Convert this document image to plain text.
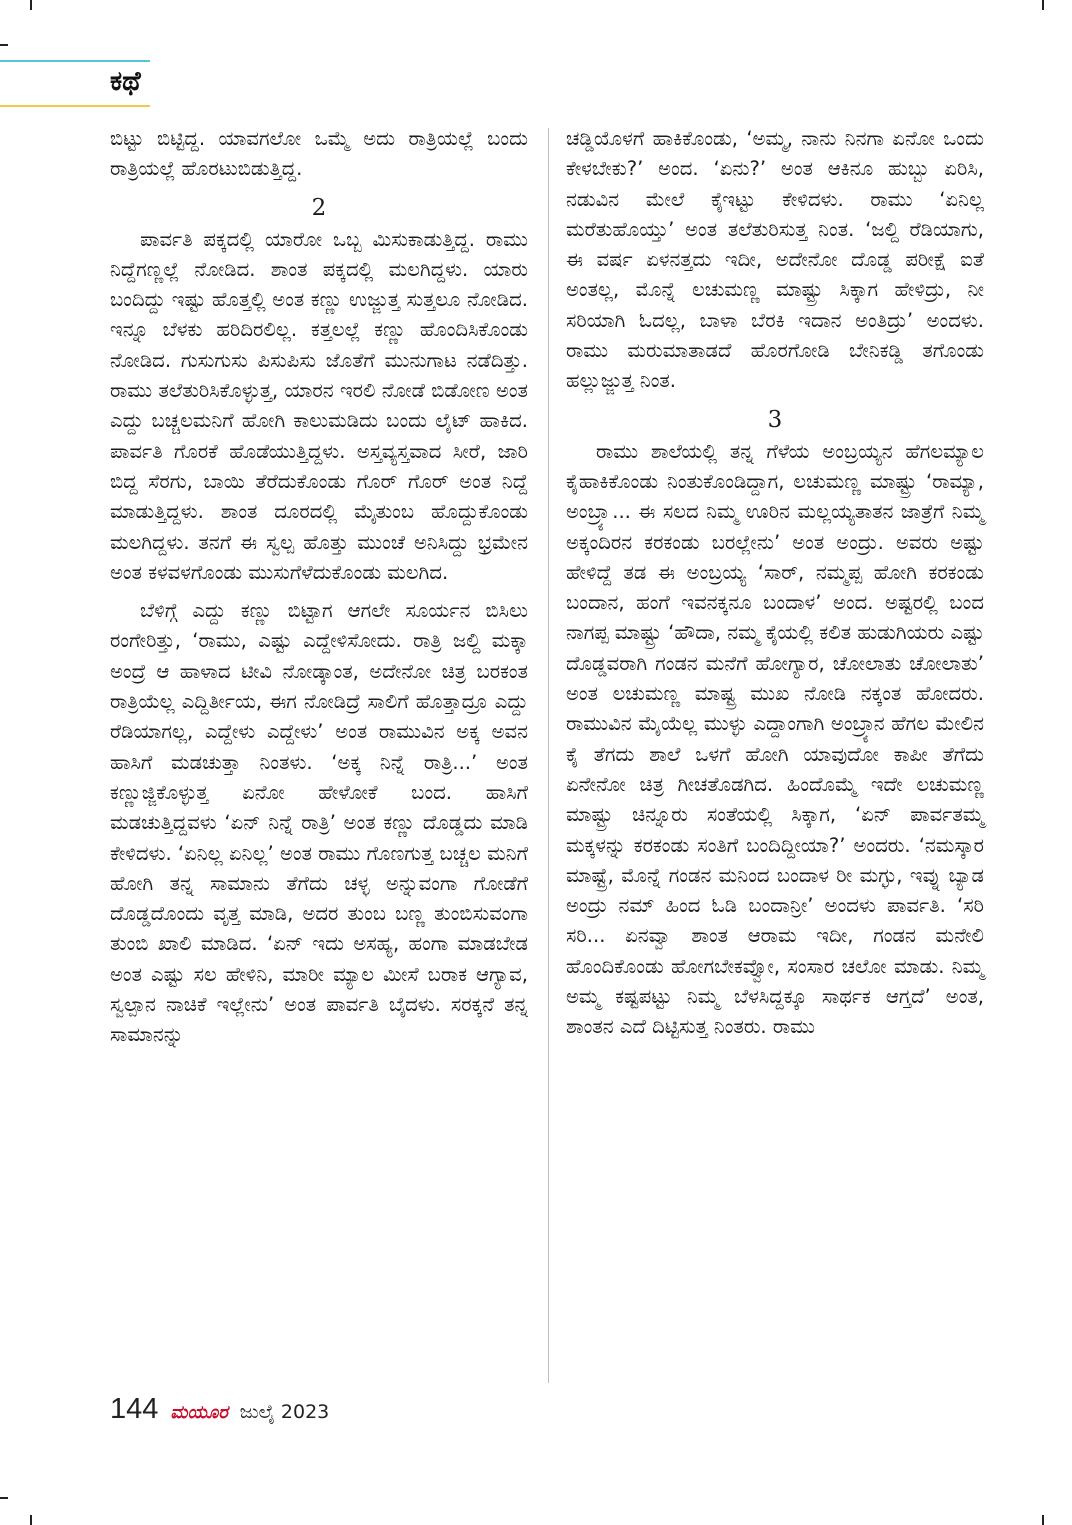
ಕಥೆ

ಬಿಟ್ಟು ಬಿಟ್ಟಿದ್ದ. ಯಾವಗಲೋ ಒಮ್ಮೆ ಅದು ರಾತ್ರಿಯಲ್ಲೆ ಬಂದು ರಾತ್ರಿಯಲ್ಲೆ ಹೊರಟುಬಿಡುತ್ತಿದ್ದ.

2

ಪಾರ್ವತಿ ಪಕ್ಕದಲ್ಲಿ ಯಾರೋ ಒಬ್ಬ ಮಿಸುಕಾಡುತ್ತಿದ್ದ. ರಾಮು ನಿದ್ದೆಗಣ್ಣಲ್ಲೆ ನೋಡಿದ. ಶಾಂತ ಪಕ್ಕದಲ್ಲಿ ಮಲಗಿದ್ದಳು. ಯಾರು ಬಂದಿದ್ದು ಇಷ್ಟು ಹೊತ್ತಲ್ಲಿ ಅಂತ ಕಣ್ಣು ಉಜ್ಜುತ್ತ ಸುತ್ತಲೂ ನೋಡಿದ. ಇನ್ನೂ ಬೆಳಕು ಹರಿದಿರಲಿಲ್ಲ. ಕತ್ತಲಲ್ಲೆ ಕಣ್ಣು ಹೊಂದಿಸಿಕೊಂಡು ನೋಡಿದ. ಗುಸುಗುಸು ಪಿಸುಪಿಸು ಜೊತೆಗೆ ಮುನುಗಾಟ ನಡೆದಿತ್ತು. ರಾಮು ತಲೆತುರಿಸಿಕೊಳ್ಳುತ್ತ, ಯಾರನ ಇರಲಿ ನೋಡೆ ಬಿಡೋಣ ಅಂತ ಎದ್ದು ಬಚ್ಚಲಮನಿಗೆ ಹೋಗಿ ಕಾಲುಮಡಿದು ಬಂದು ಲೈಟ್ ಹಾಕಿದ. ಪಾರ್ವತಿ ಗೊರಕೆ ಹೊಡೆಯುತ್ತಿದ್ದಳು. ಅಸ್ತವ್ಯಸ್ತವಾದ ಸೀರೆ, ಜಾರಿ ಬಿದ್ದ ಸೆರಗು, ಬಾಯಿ ತೆರೆದುಕೊಂಡು ಗೊರ್ ಗೊರ್ ಅಂತ ನಿದ್ದೆ ಮಾಡುತ್ತಿದ್ದಳು. ಶಾಂತ ದೂರದಲ್ಲಿ ಮೈತುಂಬ ಹೊದ್ದುಕೊಂಡು ಮಲಗಿದ್ದಳು. ತನಗೆ ಈ ಸ್ವಲ್ಪ ಹೊತ್ತು ಮುಂಚೆ ಅನಿಸಿದ್ದು ಭ್ರಮೇನ ಅಂತ ಕಳವಳಗೊಂಡು ಮುಸುಗೆಳೆದುಕೊಂಡು ಮಲಗಿದ.

ಬೆಳಿಗ್ಗೆ ಎದ್ದು ಕಣ್ಣು ಬಿಟ್ಟಾಗ ಆಗಲೇ ಸೂರ್ಯನ ಬಿಸಿಲು ರಂಗೇರಿತ್ತು, ‘ರಾಮು, ಎಷ್ಟು ಎದ್ದೇಳಿಸೋದು. ರಾತ್ರಿ ಜಲ್ದಿ ಮಕ್ಕಾ ಅಂದ್ರೆ ಆ ಹಾಳಾದ ಟೀವಿ ನೋಡ್ಕಾಂತ, ಅದೇನೋ ಚಿತ್ರ ಬರಕಂತ ರಾತ್ರಿಯೆಲ್ಲ ಎದ್ದಿರ್ತೀಯ, ಈಗ ನೋಡಿದ್ರೆ ಸಾಲಿಗೆ ಹೊತ್ತಾದ್ರೂ ಎದ್ದು ರೆಡಿಯಾಗಲ್ಲ, ಎದ್ದೇಳು ಎದ್ದೇಳು’ ಅಂತ ರಾಮುವಿನ ಅಕ್ಕ ಅವನ ಹಾಸಿಗೆ ಮಡಚುತ್ತಾ ನಿಂತಳು. ‘ಅಕ್ಕ ನಿನ್ನೆ ರಾತ್ರಿ...’ ಅಂತ ಕಣ್ಣುಜ್ಜಿಕೊಳ್ಳುತ್ತ ಏನೋ ಹೇಳೋಕೆ ಬಂದ. ಹಾಸಿಗೆ ಮಡಚುತ್ತಿದ್ದವಳು ‘ಏನ್ ನಿನ್ನೆ ರಾತ್ರಿ’ ಅಂತ ಕಣ್ಣು ದೊಡ್ಡದು ಮಾಡಿ ಕೇಳಿದಳು. ‘ಏನಿಲ್ಲ ಏನಿಲ್ಲ’ ಅಂತ ರಾಮು ಗೊಣಗುತ್ತ ಬಚ್ಚಲ ಮನಿಗೆ ಹೋಗಿ ತನ್ನ ಸಾಮಾನು ತೆಗೆದು ಚಳ್ಳ ಅನ್ನುವಂಗಾ ಗೋಡೆಗೆ ದೊಡ್ಡದೊಂದು ವೃತ್ತ ಮಾಡಿ, ಅದರ ತುಂಬ ಬಣ್ಣ ತುಂಬಿಸುವಂಗಾ ತುಂಬಿ ಖಾಲಿ ಮಾಡಿದ. ‘ಏನ್ ಇದು ಅಸಹ್ಯ, ಹಂಗಾ ಮಾಡಬೇಡ ಅಂತ ಎಷ್ಟು ಸಲ ಹೇಳಿನಿ, ಮಾರೀ ಮ್ಯಾಲ ಮೀಸೆ ಬರಾಕ ಆಗ್ಯಾವ, ಸ್ವಲ್ಪಾನ ನಾಚಿಕೆ ಇಲ್ಲೇನು’ ಅಂತ ಪಾರ್ವತಿ ಬೈದಳು. ಸರಕ್ಕನೆ ತನ್ನ ಸಾಮಾನನ್ನು

ಚಡ್ಡಿಯೊಳಗೆ ಹಾಕಿಕೊಂಡು, ‘ಅಮ್ಮ, ನಾನು ನಿನಗಾ ಏನೋ ಒಂದು ಕೇಳಬೇಕು?’ ಅಂದ. ‘ಏನು?’ ಅಂತ ಆಕಿನೂ ಹುಬ್ಬು ಏರಿಸಿ, ನಡುವಿನ ಮೇಲೆ ಕೈಇಟ್ಟು ಕೇಳಿದಳು. ರಾಮು ‘ಏನಿಲ್ಲ ಮರೆತುಹೊಯ್ತು’ ಅಂತ ತಲೆತುರಿಸುತ್ತ ನಿಂತ. ‘ಜಲ್ದಿ ರೆಡಿಯಾಗು, ಈ ವರ್ಷ ಏಳನತ್ತದು ಇದೀ, ಅದೇನೋ ದೊಡ್ಡ ಪರೀಕ್ಷೆ ಐತೆ ಅಂತಲ್ಲ, ಮೊನ್ನೆ ಲಚುಮಣ್ಣ ಮಾಷ್ಟ್ರು ಸಿಕ್ಕಾಗ ಹೇಳಿದ್ರು, ನೀ ಸರಿಯಾಗಿ ಓದಲ್ಲ, ಬಾಳಾ ಬೆರಕಿ ಇದಾನ ಅಂತಿದ್ರು’ ಅಂದಳು. ರಾಮು ಮರುಮಾತಾಡದೆ ಹೊರಗೋಡಿ ಬೇನಿಕಡ್ಡಿ ತಗೊಂಡು ಹಲ್ಲುಜ್ಜುತ್ತ ನಿಂತ.

3

ರಾಮು ಶಾಲೆಯಲ್ಲಿ ತನ್ನ ಗೆಳೆಯ ಅಂಬ್ರಯ್ಯನ ಹೆಗಲಮ್ಯಾಲ ಕೈಹಾಕಿಕೊಂಡು ನಿಂತುಕೊಂಡಿದ್ದಾಗ, ಲಚುಮಣ್ಣ ಮಾಷ್ಟ್ರು ‘ರಾಮ್ಯಾ, ಅಂಬ್ರ್ಯಾ... ಈ ಸಲದ ನಿಮ್ಮ ಊರಿನ ಮಲ್ಲಯ್ಯತಾತನ ಜಾತ್ರೆಗೆ ನಿಮ್ಮ ಅಕ್ಕಂದಿರನ ಕರಕಂಡು ಬರಲ್ಲೇನು’ ಅಂತ ಅಂದ್ರು. ಅವರು ಅಷ್ಟು ಹೇಳಿದ್ದೆ ತಡ ಈ ಅಂಬ್ರಯ್ಯ ‘ಸಾರ್, ನಮ್ಮಪ್ಪ ಹೋಗಿ ಕರಕಂಡು ಬಂದಾನ, ಹಂಗೆ ಇವನಕ್ಕನೂ ಬಂದಾಳ’ ಅಂದ. ಅಷ್ಟರಲ್ಲಿ ಬಂದ ನಾಗಪ್ಪ ಮಾಷ್ಟ್ರು ‘ಹೌದಾ, ನಮ್ಮ ಕೈಯಲ್ಲಿ ಕಲಿತ ಹುಡುಗಿಯರು ಎಷ್ಟು ದೊಡ್ಡವರಾಗಿ ಗಂಡನ ಮನೆಗೆ ಹೋಗ್ಯಾರ, ಚೋಲಾತು ಚೋಲಾತು’ ಅಂತ ಲಚುಮಣ್ಣ ಮಾಷ್ಟ್ರ ಮುಖ ನೋಡಿ ನಕ್ಕಂತ ಹೋದರು. ರಾಮುವಿನ ಮೈಯೆಲ್ಲ ಮುಳ್ಳು ಎದ್ದಾಂಗಾಗಿ ಅಂಬ್ರ್ಯಾನ ಹೆಗಲ ಮೇಲಿನ ಕೈ ತೆಗದು ಶಾಲೆ ಒಳಗೆ ಹೋಗಿ ಯಾವುದೋ ಕಾಪೀ ತೆಗೆದು ಏನೇನೋ ಚಿತ್ರ ಗೀಚತೊಡಗಿದ. ಹಿಂದೊಮ್ಮೆ ಇದೇ ಲಚುಮಣ್ಣ ಮಾಷ್ಟ್ರು ಚಿನ್ನೂರು ಸಂತೆಯಲ್ಲಿ ಸಿಕ್ಕಾಗ, ‘ಏನ್ ಪಾರ್ವತಮ್ಮ ಮಕ್ಕಳನ್ನು ಕರಕಂಡು ಸಂತಿಗೆ ಬಂದಿದ್ದೀಯಾ?’ ಅಂದರು. ‘ನಮಸ್ಕಾರ ಮಾಷ್ಟ್ರೆ, ಮೊನ್ನೆ ಗಂಡನ ಮನಿಂದ ಬಂದಾಳ ರೀ ಮಗ್ಳು, ಇವ್ನು ಬ್ಯಾಡ ಅಂದ್ರು ನಮ್ ಹಿಂದ ಓಡಿ ಬಂದಾನ್ರೀ’ ಅಂದಳು ಪಾರ್ವತಿ. ‘ಸರಿ ಸರಿ... ಏನವ್ವಾ ಶಾಂತ ಆರಾಮ ಇದೀ, ಗಂಡನ ಮನೇಲಿ ಹೊಂದಿಕೊಂಡು ಹೋಗಬೇಕವ್ವೋ, ಸಂಸಾರ ಚಲೋ ಮಾಡು. ನಿಮ್ಮ ಅಮ್ಮ ಕಷ್ಟಪಟ್ಟು ನಿಮ್ಮ ಬೆಳಸಿದ್ದಕ್ಕೂ ಸಾರ್ಥಕ ಆಗ್ತದೆ’ ಅಂತ, ಶಾಂತನ ಎದೆ ದಿಟ್ಟಿಸುತ್ತ ನಿಂತರು. ರಾಮು

144 ಮಯೂರ ಜುಲೈ 2023
